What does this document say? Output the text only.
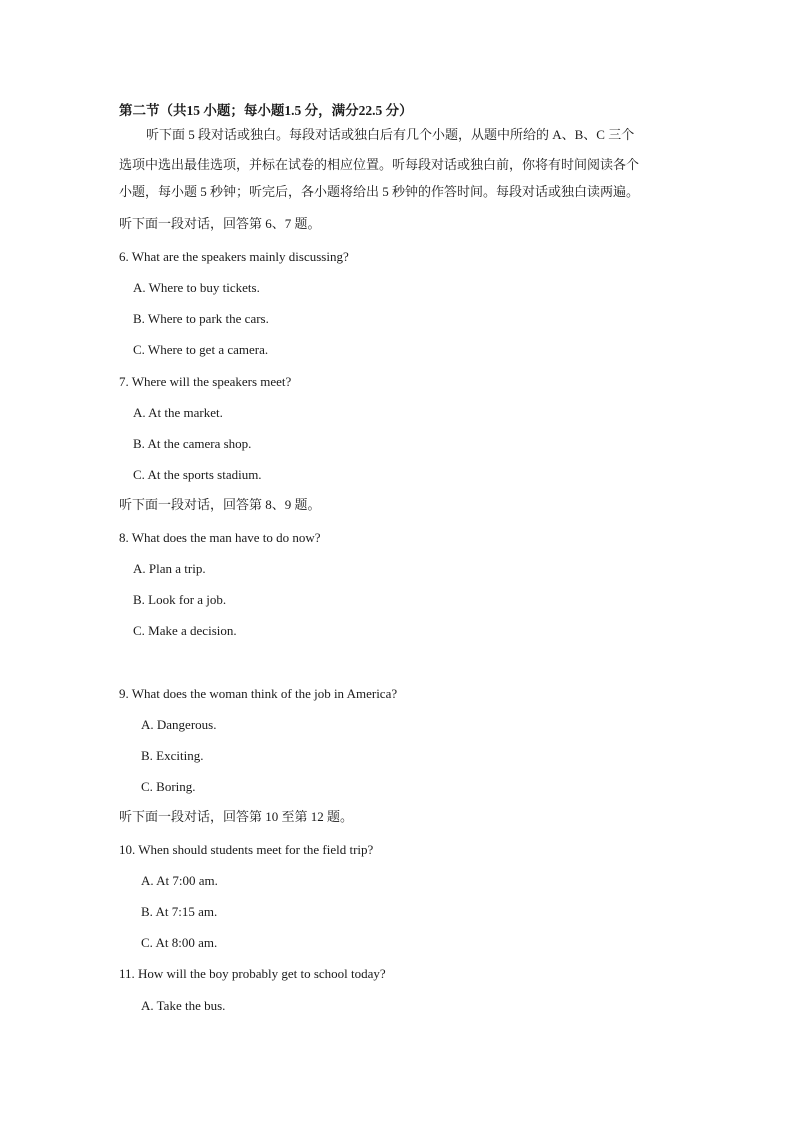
第二节（共15 小题；每小题1.5 分，满分22.5 分）
听下面 5 段对话或独白。每段对话或独白后有几个小题，从题中所给的 A、B、C 三个
选项中选出最佳选项，并标在试卷的相应位置。听每段对话或独白前，你将有时间阅读各个
小题，每小题 5 秒钟；听完后，各小题将给出 5 秒钟的作答时间。每段对话或独白读两遍。
听下面一段对话，回答第 6、7 题。
6. What are the speakers mainly discussing?
A. Where to buy tickets.
B. Where to park the cars.
C. Where to get a camera.
7. Where will the speakers meet?
A. At the market.
B. At the camera shop.
C. At the sports stadium.
听下面一段对话，回答第 8、9 题。
8. What does the man have to do now?
A. Plan a trip.
B. Look for a job.
C. Make a decision.
9. What does the woman think of the job in America?
A. Dangerous.
B. Exciting.
C. Boring.
听下面一段对话，回答第 10 至第 12 题。
10. When should students meet for the field trip?
A. At 7:00 am.
B. At 7:15 am.
C. At 8:00 am.
11. How will the boy probably get to school today?
A. Take the bus.
